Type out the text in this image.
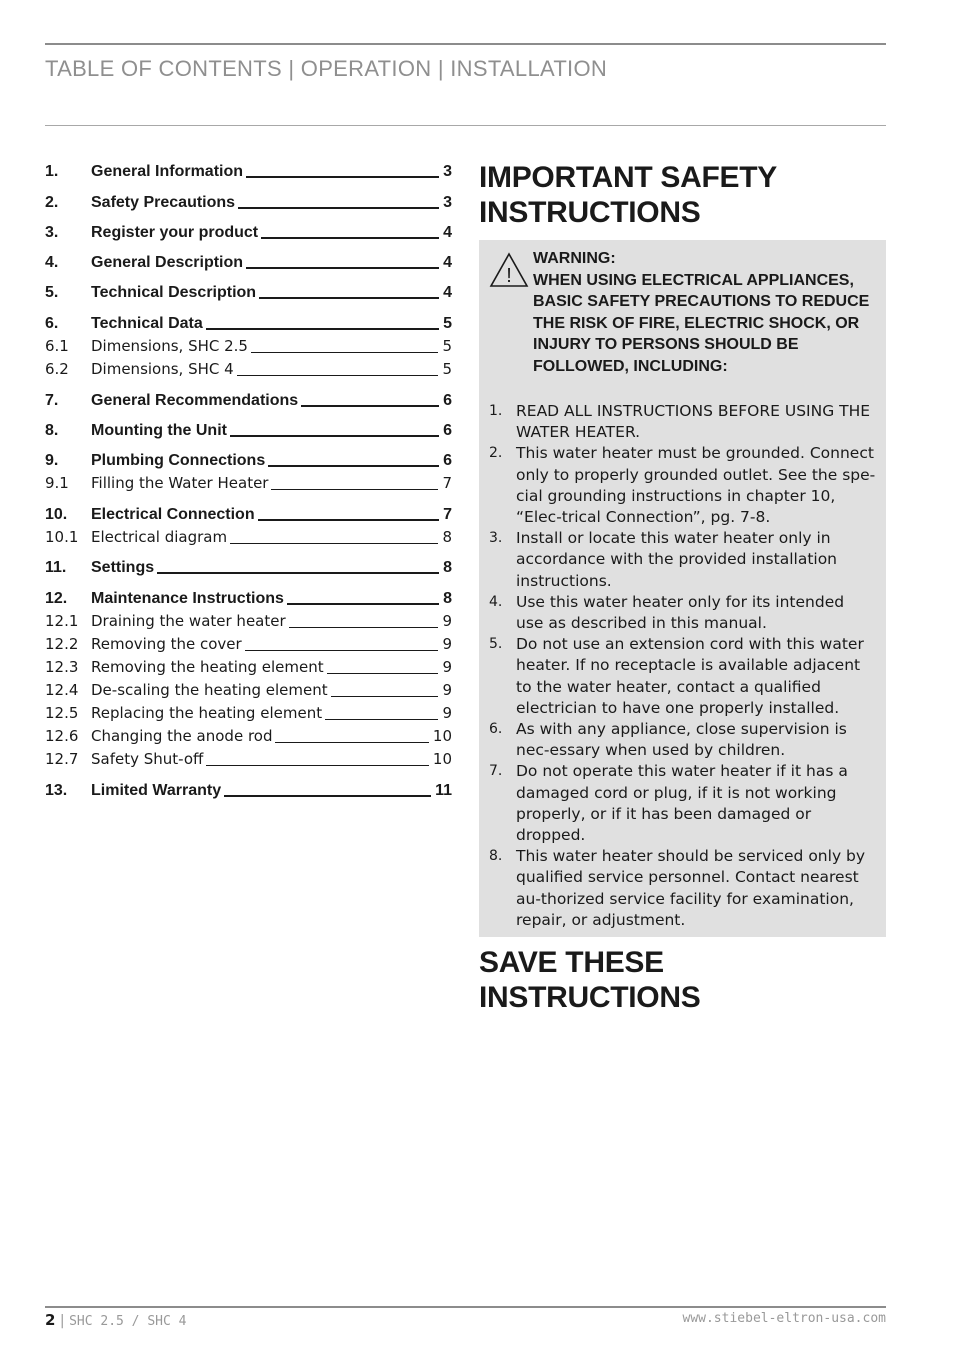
TABLE OF CONTENTS | OPERATION | INSTALLATION
1.	General Information	3
2.	Safety Precautions	3
3.	Register your product	4
4.	General Description	4
5.	Technical Description	4
6.	Technical Data	5
6.1	Dimensions, SHC 2.5	5
6.2	Dimensions, SHC 4	5
7.	General Recommendations	6
8.	Mounting the Unit	6
9.	Plumbing Connections	6
9.1	Filling the Water Heater	7
10.	Electrical Connection	7
10.1 Electrical diagram	8
11.	Settings	8
12.	Maintenance Instructions	8
12.1 Draining the water heater	9
12.2 Removing the cover	9
12.3 Removing the heating element	9
12.4 De-scaling the heating element	9
12.5 Replacing the heating element	9
12.6 Changing the anode rod	10
12.7 Safety Shut-off	10
13.	Limited Warranty	11
IMPORTANT SAFETY
INSTRUCTIONS
!
WARNING:
WHEN USING ELECTRICAL APPLIANCES, BASIC SAFETY PRECAUTIONS TO REDUCE THE RISK OF FIRE, ELECTRIC SHOCK, OR INJURY TO PERSONS SHOULD BE FOLLOWED, INCLUDING:
1. READ ALL INSTRUCTIONS BEFORE USING THE WATER HEATER.
2. This water heater must be grounded. Connect only to properly grounded outlet. See the spe-cial grounding instructions in chapter 10, “Elec-trical Connection”, pg. 7-8.
3. Install or locate this water heater only in accordance with the provided installation instructions.
4. Use this water heater only for its intended use as described in this manual.
5. Do not use an extension cord with this water heater. If no receptacle is available adjacent to the water heater, contact a qualified electrician to have one properly installed.
6. As with any appliance, close supervision is nec-essary when used by children.
7. Do not operate this water heater if it has a damaged cord or plug, if it is not working properly, or if it has been damaged or dropped.
8. This water heater should be serviced only by qualified service personnel. Contact nearest au-thorized service facility for examination, repair, or adjustment.
SAVE THESE INSTRUCTIONS
2 | SHC 2.5 / SHC 4	www.stiebel-eltron-usa.com
